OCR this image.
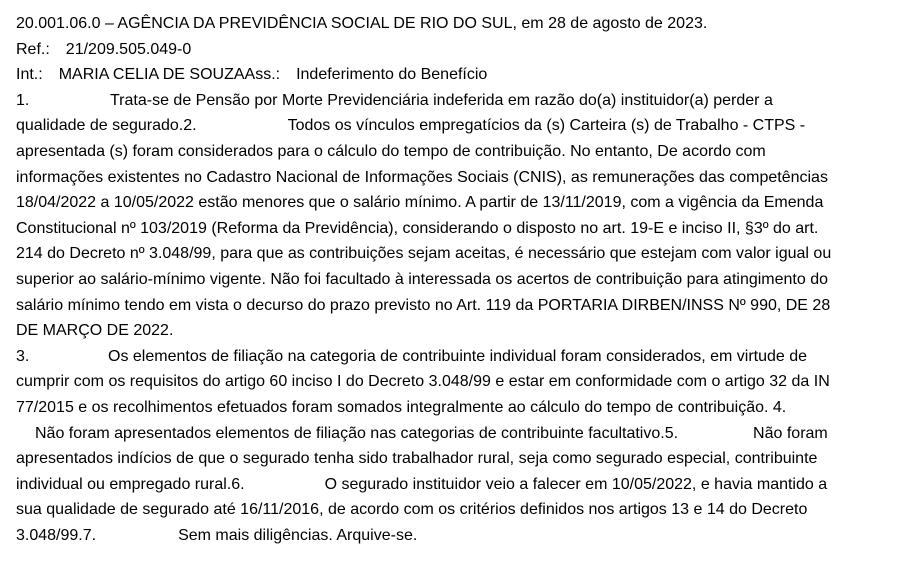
20.001.06.0 – AGÊNCIA DA PREVIDÊNCIA SOCIAL DE RIO DO SUL, em 28 de agosto de 2023.
Ref.: 21/209.505.049-0
Int.: MARIA CELIA DE SOUZAAss.: Indeferimento do Benefício
1.	Trata-se de Pensão por Morte Previdenciária indeferida em razão do(a) instituidor(a) perder a
qualidade de segurado.2.	Todos os vínculos empregatícios da (s) Carteira (s) de Trabalho - CTPS -
apresentada (s) foram considerados para o cálculo do tempo de contribuição. No entanto, De acordo com
informações existentes no Cadastro Nacional de Informações Sociais (CNIS), as remunerações das competências
18/04/2022 a 10/05/2022 estão menores que o salário mínimo. A partir de 13/11/2019, com a vigência da Emenda
Constitucional nº 103/2019 (Reforma da Previdência), considerando o disposto no art. 19-E e inciso II, §3º do art.
214 do Decreto nº 3.048/99, para que as contribuições sejam aceitas, é necessário que estejam com valor igual ou
superior ao salário-mínimo vigente. Não foi facultado à interessada os acertos de contribuição para atingimento do
salário mínimo tendo em vista o decurso do prazo previsto no Art. 119 da PORTARIA DIRBEN/INSS Nº 990, DE 28
DE MARÇO DE 2022.
3.	Os elementos de filiação na categoria de contribuinte individual foram considerados, em virtude de
cumprir com os requisitos do artigo 60 inciso I do Decreto 3.048/99 e estar em conformidade com o artigo 32 da IN
77/2015 e os recolhimentos efetuados foram somados integralmente ao cálculo do tempo de contribuição. 4.
Não foram apresentados elementos de filiação nas categorias de contribuinte facultativo.5.	Não foram
apresentados indícios de que o segurado tenha sido trabalhador rural, seja como segurado especial, contribuinte
individual ou empregado rural.6.	O segurado instituidor veio a falecer em 10/05/2022, e havia mantido a
sua qualidade de segurado até 16/11/2016, de acordo com os critérios definidos nos artigos 13 e 14 do Decreto
3.048/99.7.	Sem mais diligências. Arquive-se.
